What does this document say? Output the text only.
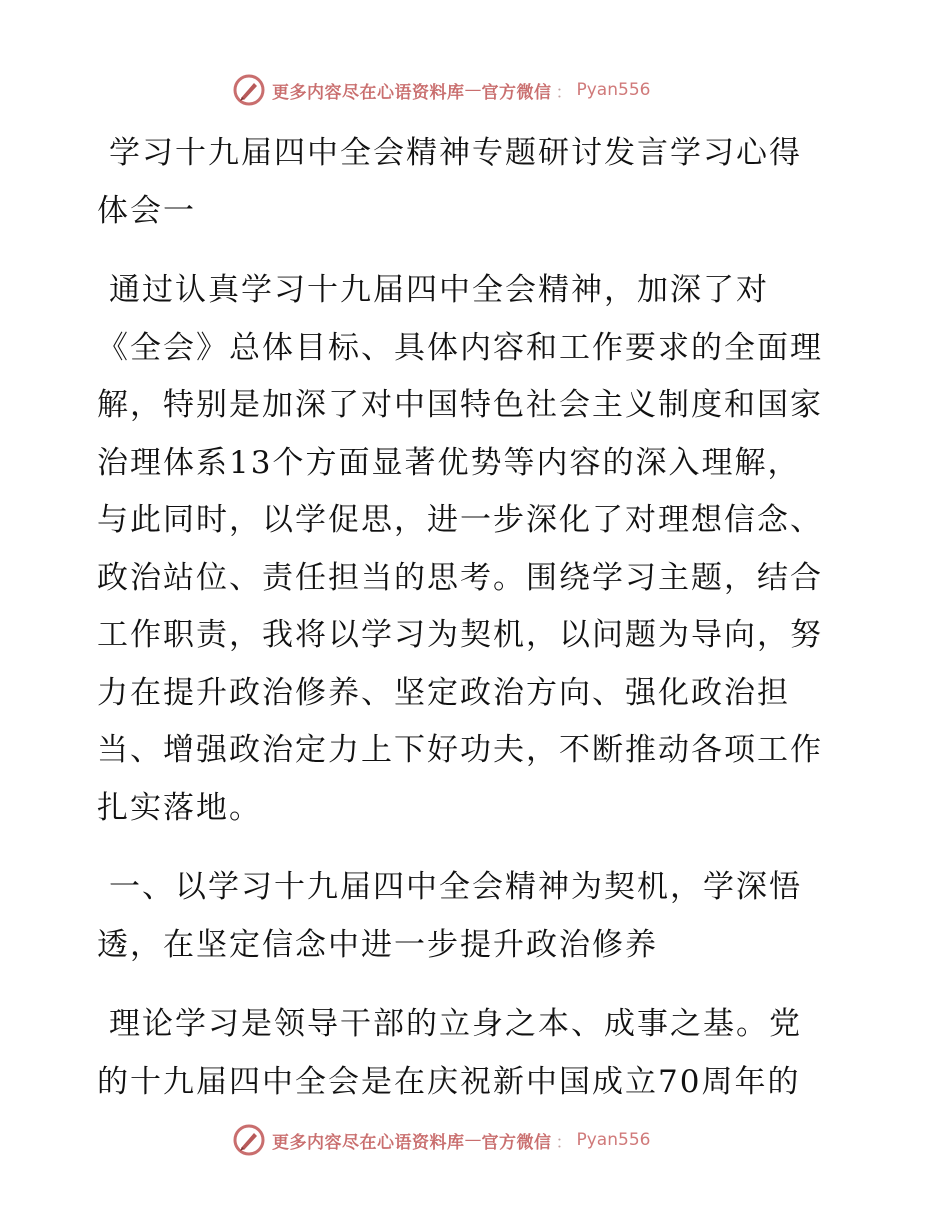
更多内容尽在心语资料库 — 官方微信 ： Pyan556
学习十九届四中全会精神专题研讨发言学习心得
体会一
通过认真学习十九届四中全会精神，加深了对
《全会》总体目标、具体内容和工作要求的全面理
解，特别是加深了对中国特色社会主义制度和国家
治理体系13个方面显著优势等内容的深入理解，
与此同时，以学促思，进一步深化了对理想信念、
政治站位、责任担当的思考。围绕学习主题，结合
工作职责，我将以学习为契机，以问题为导向，努
力在提升政治修养、坚定政治方向、强化政治担
当、增强政治定力上下好功夫，不断推动各项工作
扎实落地。
一、以学习十九届四中全会精神为契机，学深悟
透，在坚定信念中进一步提升政治修养
理论学习是领导干部的立身之本、成事之基。党
的十九届四中全会是在庆祝新中国成立70周年的
更多内容尽在心语资料库 — 官方微信 ： Pyan556
